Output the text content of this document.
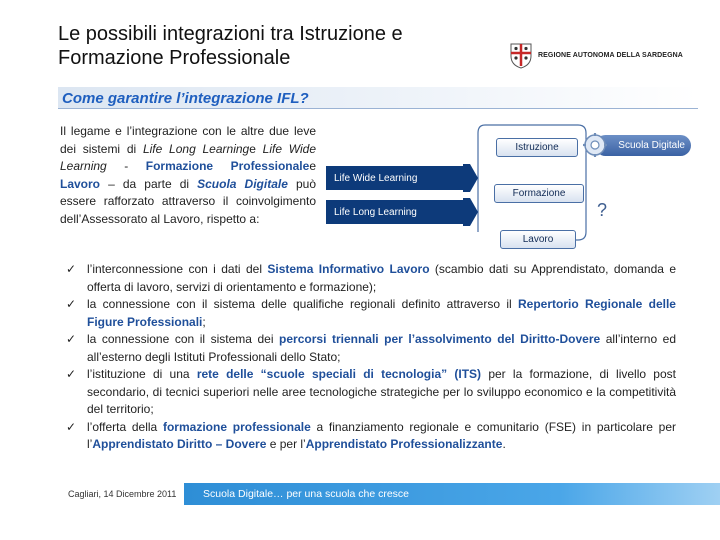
Le possibili integrazioni tra Istruzione e Formazione Professionale	REGIONE AUTONOMA DELLA SARDEGNA
Come garantire l’integrazione IFL?
Il legame e l’integrazione con le altre due leve dei sistemi di Life Long Learninge Life Wide Learning - Formazione Professionalee Lavoro – da parte di Scuola Digitale può essere rafforzato attraverso il coinvolgimento dell’Assessorato al Lavoro, rispetto a:
Life Wide Learning
Life Long Learning
Istruzione
Formazione
Lavoro
Scuola Digitale
?
✓ l’interconnessione con i dati del Sistema Informativo Lavoro (scambio dati su Apprendistato, domanda e offerta di lavoro, servizi di orientamento e formazione);
✓ la connessione con il sistema delle qualifiche regionali definito attraverso il Repertorio Regionale delle Figure Professionali;
✓ la connessione con il sistema dei percorsi triennali per l’assolvimento del Diritto-Dovere all’interno ed all’esterno degli Istituti Professionali dello Stato;
✓ l’istituzione di una rete delle “scuole speciali di tecnologia” (ITS) per la formazione, di livello post secondario, di tecnici superiori nelle aree tecnologiche strategiche per lo sviluppo economico e la competitività del territorio;
✓ l’offerta della formazione professionale a finanziamento regionale e comunitario (FSE) in particolare per l’Apprendistato Diritto – Dovere e per l’Apprendistato Professionalizzante.
Cagliari, 14 Dicembre 2011	Scuola Digitale… per una scuola che cresce
